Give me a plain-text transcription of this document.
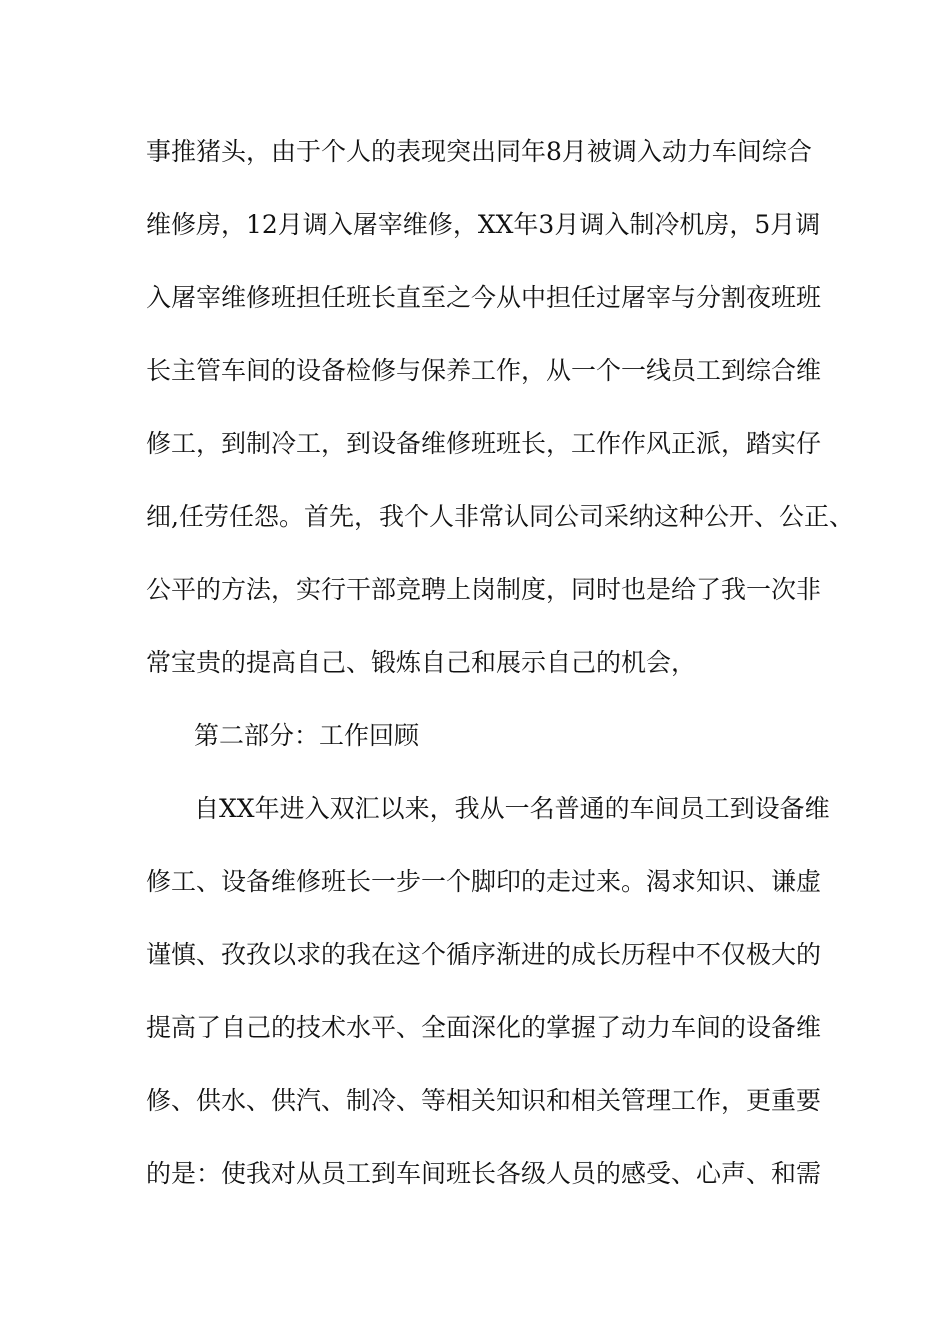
事推猪头，由于个人的表现突出同年8月被调入动力车间综合
维修房，12月调入屠宰维修，XX年3月调入制冷机房，5月调
入屠宰维修班担任班长直至之今从中担任过屠宰与分割夜班班
长主管车间的设备检修与保养工作，从一个一线员工到综合维
修工，到制冷工，到设备维修班班长，工作作风正派，踏实仔
细,任劳任怨。首先，我个人非常认同公司采纳这种公开、公正、
公平的方法，实行干部竞聘上岗制度，同时也是给了我一次非
常宝贵的提高自己、锻炼自己和展示自己的机会，
第二部分：工作回顾
自XX年进入双汇以来，我从一名普通的车间员工到设备维
修工、设备维修班长一步一个脚印的走过来。渴求知识、谦虚
谨慎、孜孜以求的我在这个循序渐进的成长历程中不仅极大的
提高了自己的技术水平、全面深化的掌握了动力车间的设备维
修、供水、供汽、制冷、等相关知识和相关管理工作，更重要
的是：使我对从员工到车间班长各级人员的感受、心声、和需
